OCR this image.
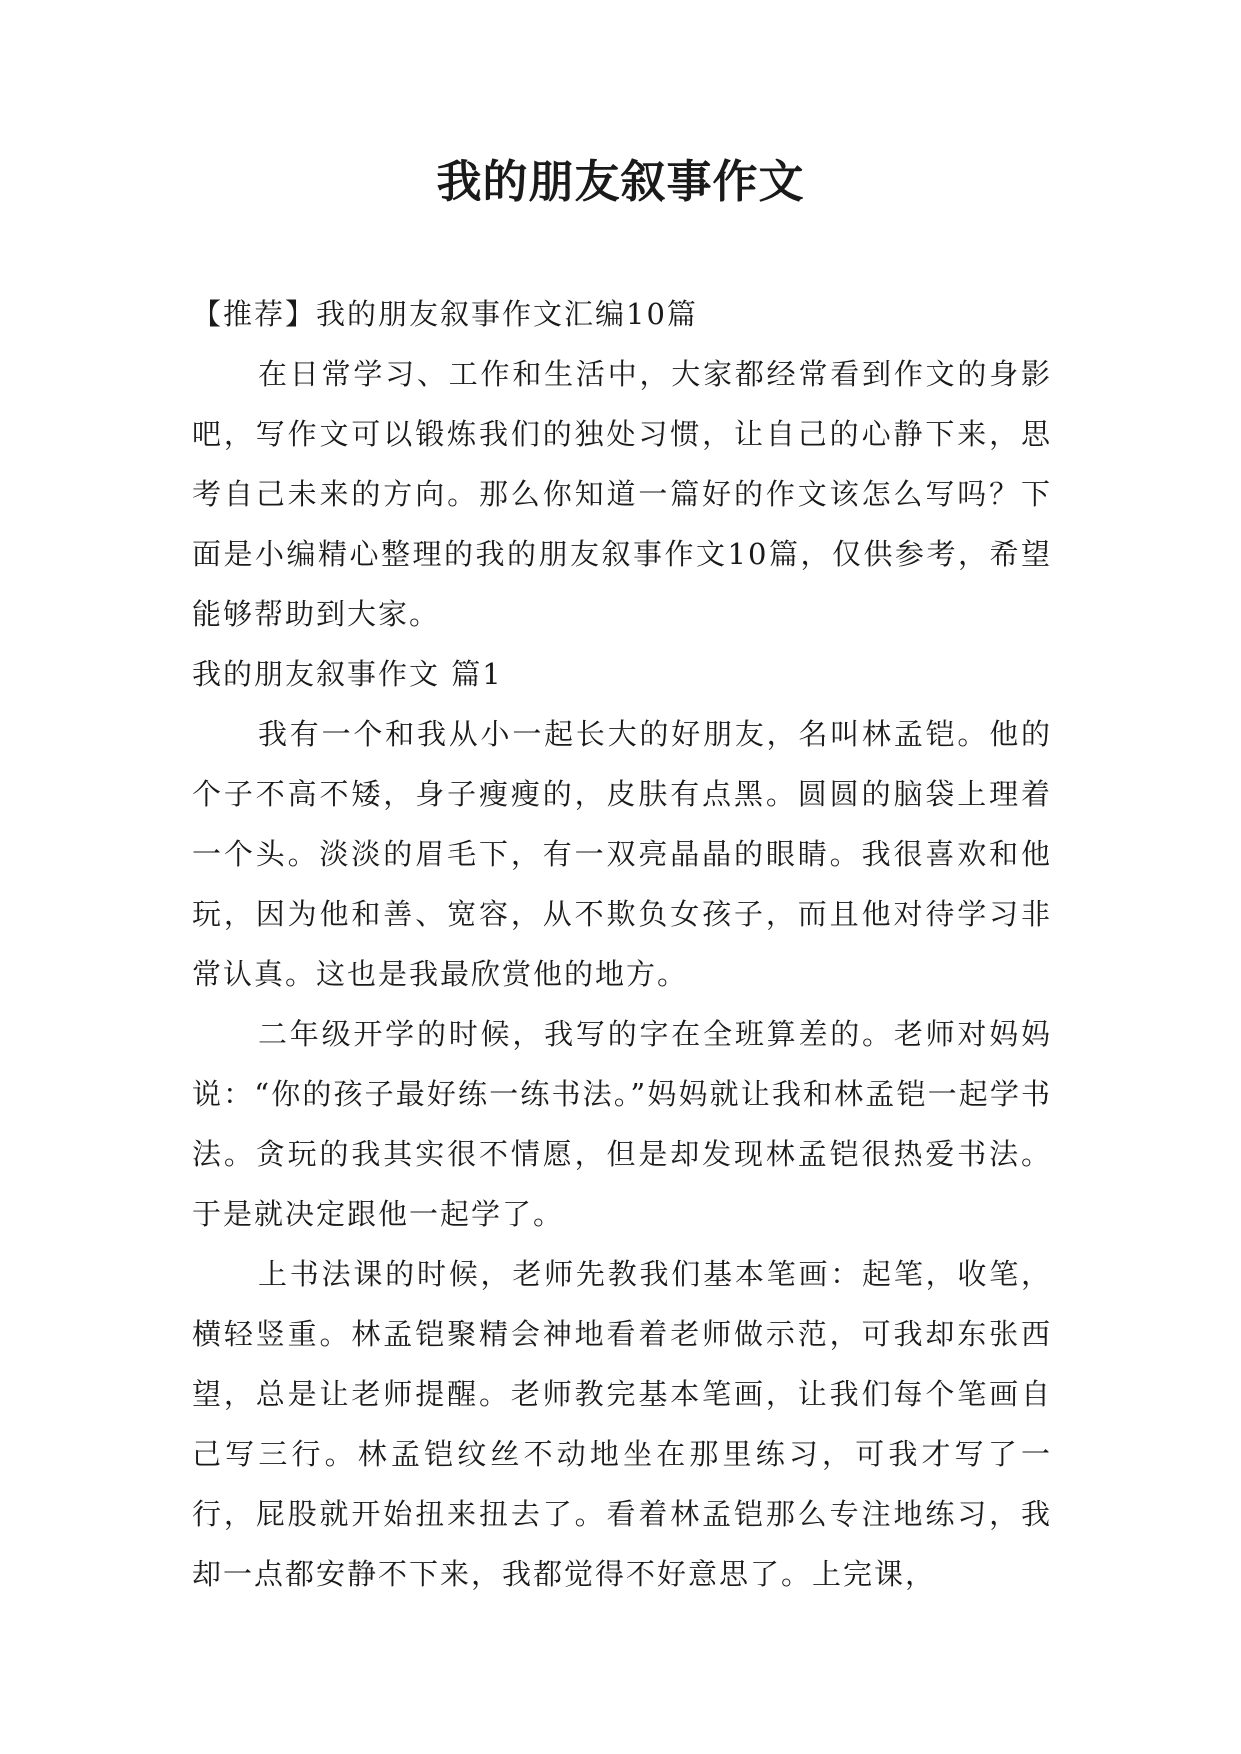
我的朋友叙事作文

【推荐】我的朋友叙事作文汇编10篇

在日常学习、工作和生活中，大家都经常看到作文的身影吧，写作文可以锻炼我们的独处习惯，让自己的心静下来，思考自己未来的方向。那么你知道一篇好的作文该怎么写吗？下面是小编精心整理的我的朋友叙事作文10篇，仅供参考，希望能够帮助到大家。

我的朋友叙事作文 篇1

我有一个和我从小一起长大的好朋友，名叫林孟铠。他的个子不高不矮，身子瘦瘦的，皮肤有点黑。圆圆的脑袋上理着一个头。淡淡的眉毛下，有一双亮晶晶的眼睛。我很喜欢和他玩，因为他和善、宽容，从不欺负女孩子，而且他对待学习非常认真。这也是我最欣赏他的地方。

二年级开学的时候，我写的字在全班算差的。老师对妈妈说：“你的孩子最好练一练书法。”妈妈就让我和林孟铠一起学书法。贪玩的我其实很不情愿，但是却发现林孟铠很热爱书法。于是就决定跟他一起学了。

上书法课的时候，老师先教我们基本笔画：起笔，收笔，横轻竖重。林孟铠聚精会神地看着老师做示范，可我却东张西望，总是让老师提醒。老师教完基本笔画，让我们每个笔画自己写三行。林孟铠纹丝不动地坐在那里练习，可我才写了一行，屁股就开始扭来扭去了。看着林孟铠那么专注地练习，我却一点都安静不下来，我都觉得不好意思了。上完课，
